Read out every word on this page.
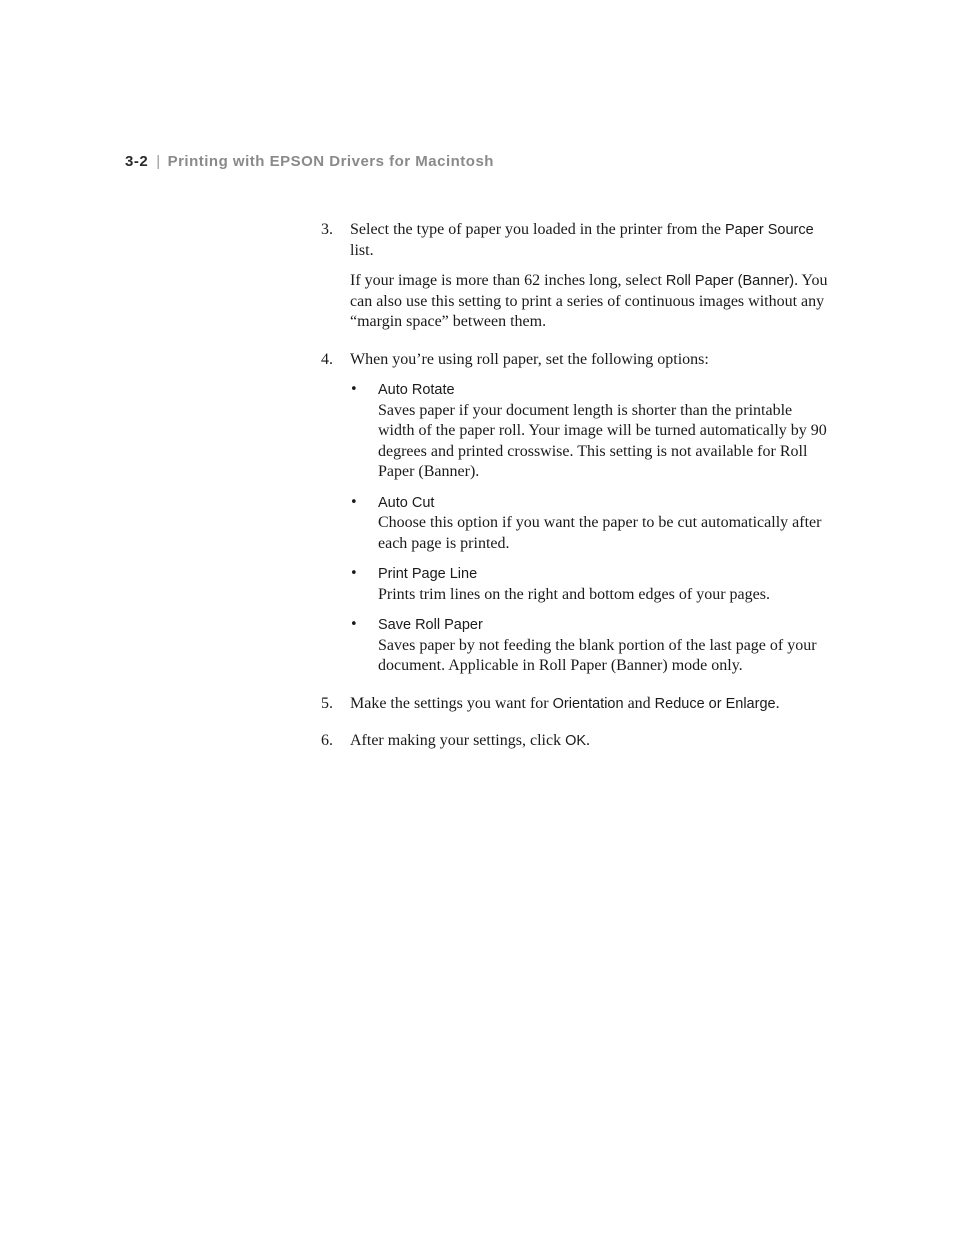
3-2 | Printing with EPSON Drivers for Macintosh
3. Select the type of paper you loaded in the printer from the Paper Source list.

If your image is more than 62 inches long, select Roll Paper (Banner). You can also use this setting to print a series of continuous images without any “margin space” between them.

4. When you’re using roll paper, set the following options:

• Auto Rotate
Saves paper if your document length is shorter than the printable width of the paper roll. Your image will be turned automatically by 90 degrees and printed crosswise. This setting is not available for Roll Paper (Banner).
• Auto Cut
Choose this option if you want the paper to be cut automatically after each page is printed.
• Print Page Line
Prints trim lines on the right and bottom edges of your pages.
• Save Roll Paper
Saves paper by not feeding the blank portion of the last page of your document. Applicable in Roll Paper (Banner) mode only.
5. Make the settings you want for Orientation and Reduce or Enlarge.

6. After making your settings, click OK.
